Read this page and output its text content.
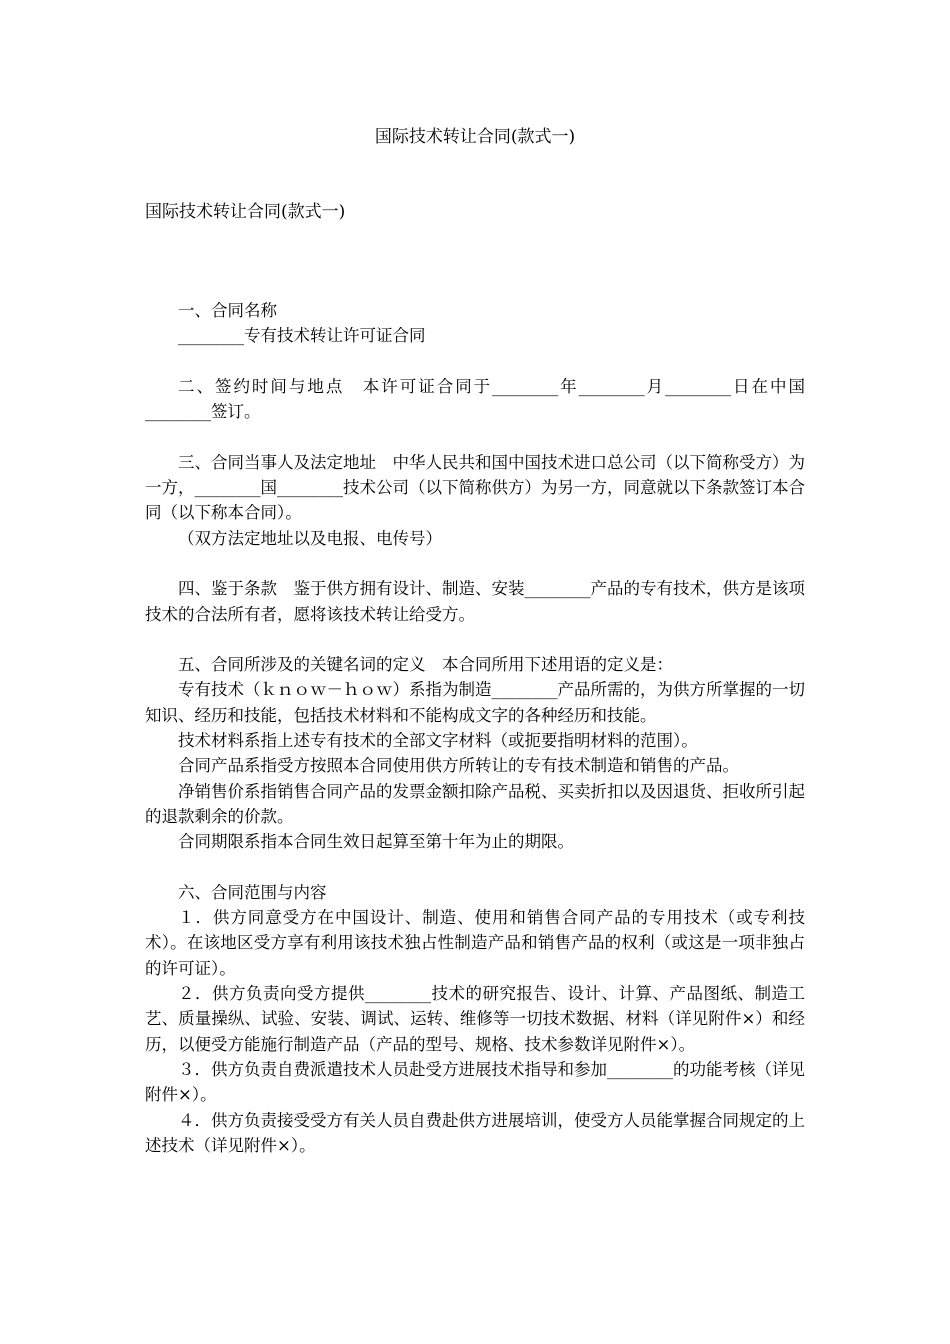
国际技术转让合同(款式一)
国际技术转让合同(款式一)

一、合同名称

________专有技术转让许可证合同

二、签约时间与地点　本许可证合同于________年________月________日在中国________签订。

三、合同当事人及法定地址　中华人民共和国中国技术进口总公司（以下简称受方）为一方，________国________技术公司（以下简称供方）为另一方，同意就以下条款签订本合同（以下称本合同）。

（双方法定地址以及电报、电传号）

四、鉴于条款　鉴于供方拥有设计、制造、安装________产品的专有技术，供方是该项技术的合法所有者，愿将该技术转让给受方。

五、合同所涉及的关键名词的定义　本合同所用下述用语的定义是：

专有技术（ｋｎｏｗ－ｈｏｗ）系指为制造________产品所需的，为供方所掌握的一切知识、经历和技能，包括技术材料和不能构成文字的各种经历和技能。

技术材料系指上述专有技术的全部文字材料（或扼要指明材料的范围）。

合同产品系指受方按照本合同使用供方所转让的专有技术制造和销售的产品。

净销售价系指销售合同产品的发票金额扣除产品税、买卖折扣以及因退货、拒收所引起的退款剩余的价款。

合同期限系指本合同生效日起算至第十年为止的期限。

六、合同范围与内容

１．供方同意受方在中国设计、制造、使用和销售合同产品的专用技术（或专利技术）。在该地区受方享有利用该技术独占性制造产品和销售产品的权利（或这是一项非独占的许可证）。

２．供方负责向受方提供________技术的研究报告、设计、计算、产品图纸、制造工艺、质量操纵、试验、安装、调试、运转、维修等一切技术数据、材料（详见附件×）和经历，以便受方能施行制造产品（产品的型号、规格、技术参数详见附件×）。

３．供方负责自费派遣技术人员赴受方进展技术指导和参加________的功能考核（详见附件×）。

４．供方负责接受受方有关人员自费赴供方进展培训，使受方人员能掌握合同规定的上述技术（详见附件×）。
